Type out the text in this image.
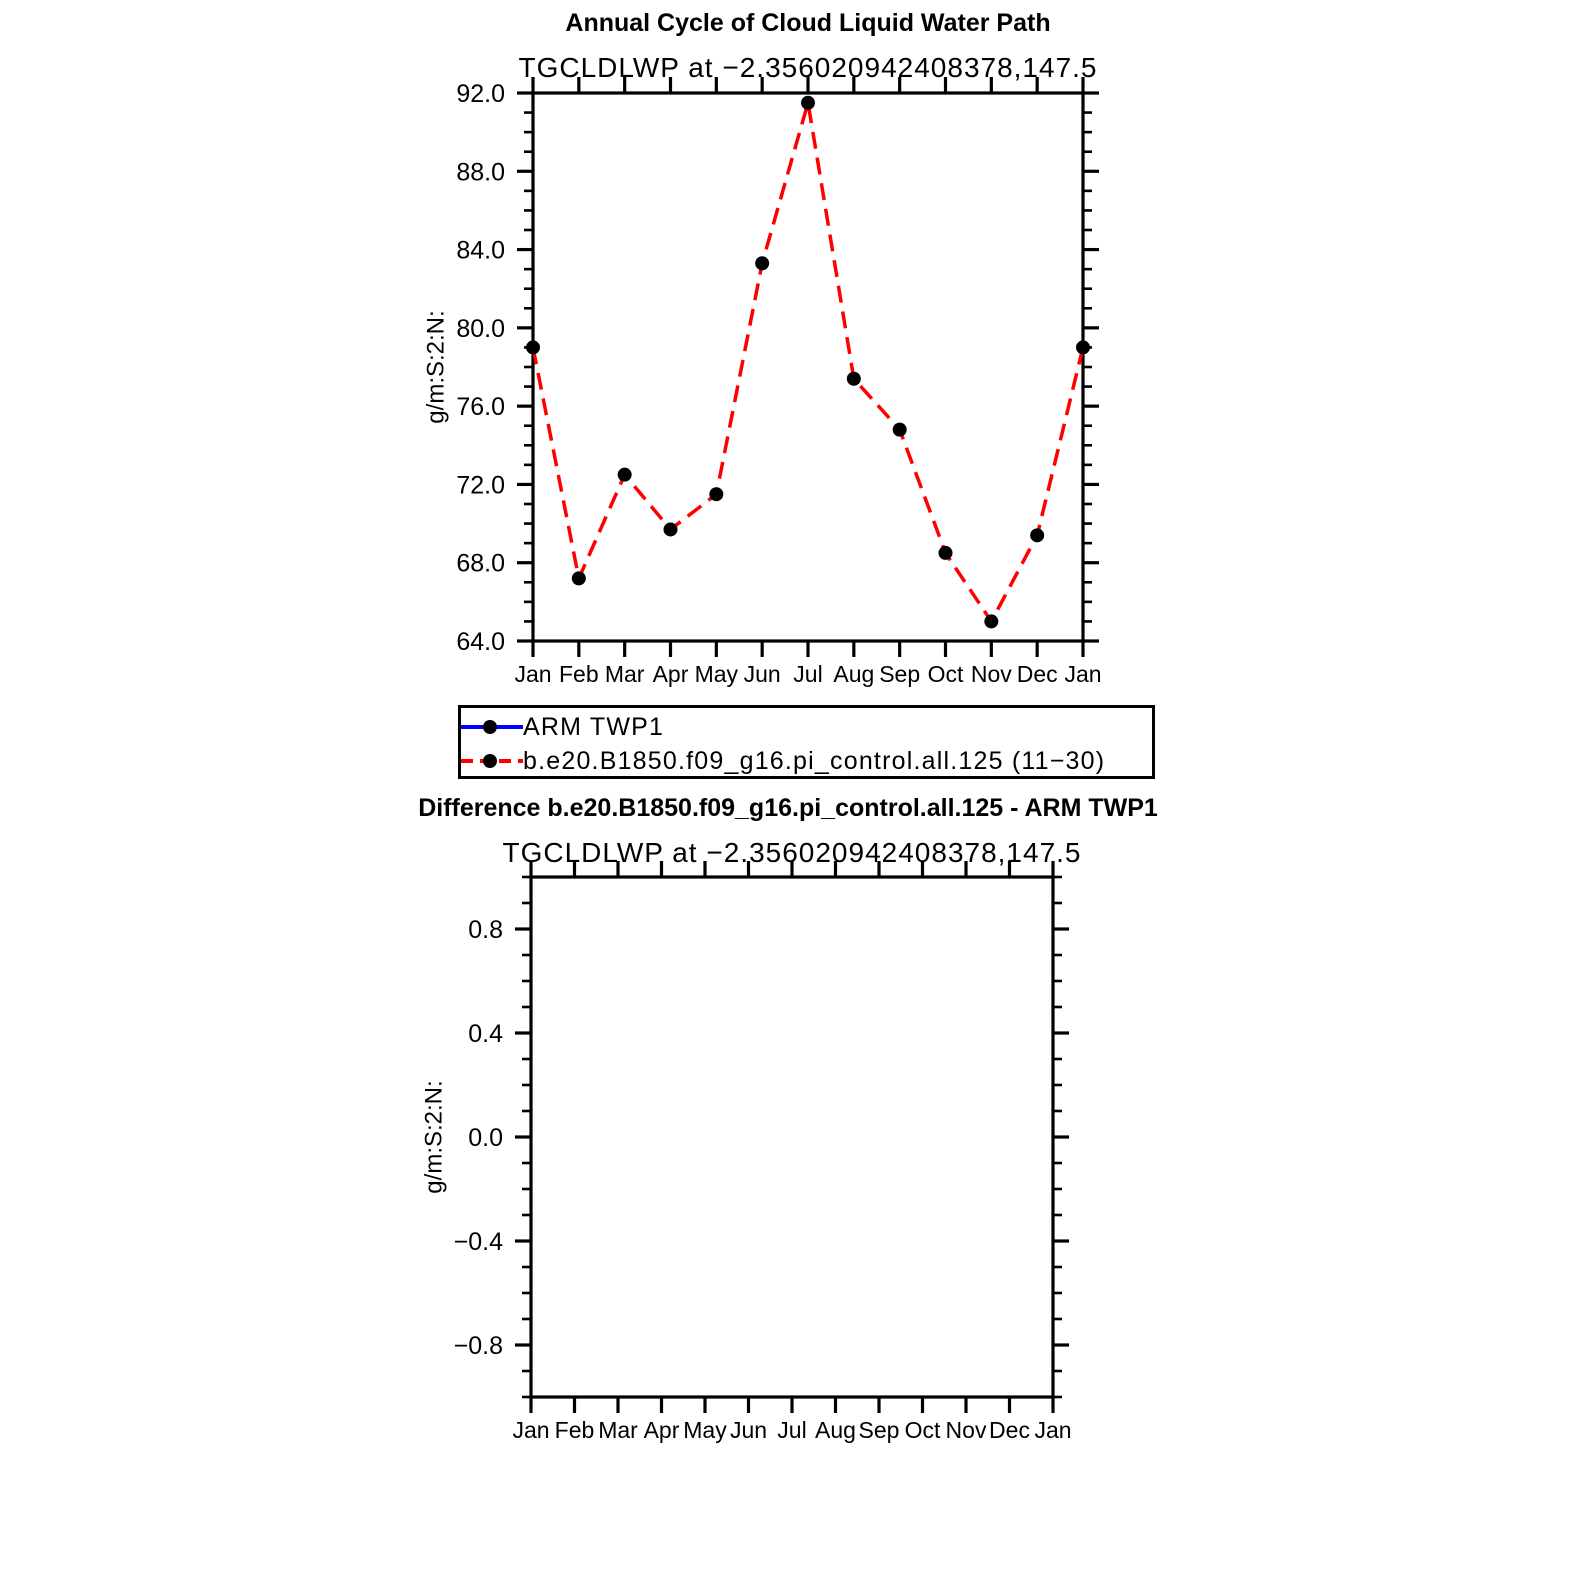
Jan Feb Mar Apr May Jun Jul Aug Sep Oct Nov Dec Jan
64.0
68.0
72.0
76.0
80.0
84.0
88.0
92.0
g/m:S:2:N:
Jan Feb Mar Apr May Jun Jul Aug Sep Oct Nov Dec Jan
−0.8
−0.4
0.0
0.4
0.8
g/m:S:2:N:
Annual Cycle of Cloud Liquid Water Path
TGCLDLWP at −2.356020942408378,147.5
ARM TWP1
b.e20.B1850.f09_g16.pi_control.all.125 (11−30)
Difference b.e20.B1850.f09_g16.pi_control.all.125 - ARM TWP1
TGCLDLWP at −2.356020942408378,147.5
